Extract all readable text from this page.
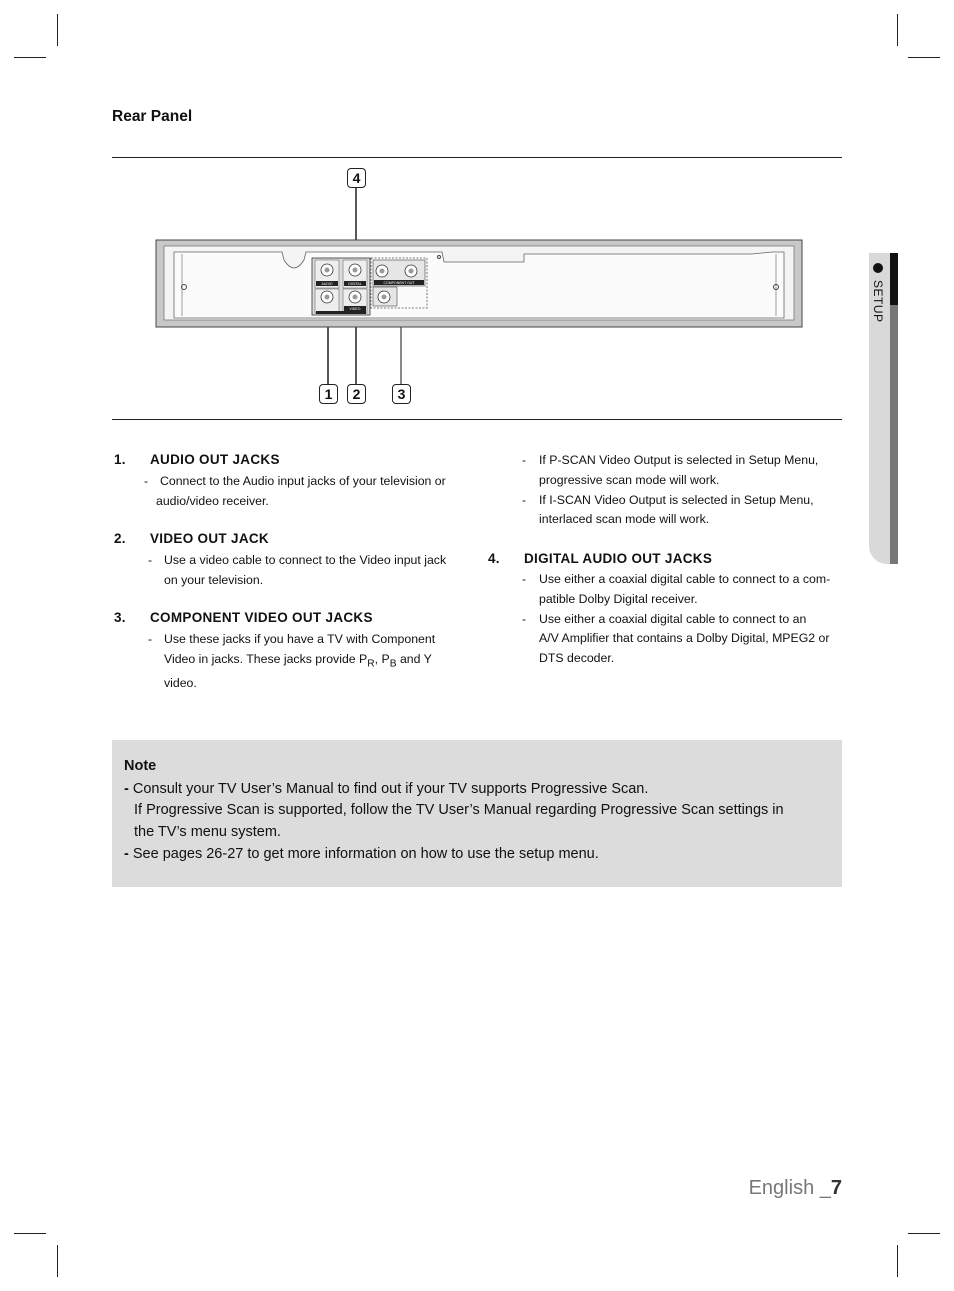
Rear Panel
AUDIO	DIGITAL
VIDEO
COMPONENT OUT
4
1	2	3
1. AUDIO OUT JACKS
- Connect to the Audio input jacks of your television or
audio/video receiver.
2. VIDEO OUT JACK
- Use a video cable to connect to the Video input jack
on your television.
3. COMPONENT VIDEO OUT JACKS
- Use these jacks if you have a TV with Component
Video in jacks. These jacks provide $P_R$, $P_B$ and Y
video.
-	If P-SCAN Video Output is selected in Setup Menu,
progressive scan mode will work.
-	If I-SCAN Video Output is selected in Setup Menu,
interlaced scan mode will work.
4. DIGITAL AUDIO OUT JACKS
-	Use either a coaxial digital cable to connect to a com-
patible Dolby Digital receiver.
-	Use either a coaxial digital cable to connect to an
A/V Amplifier that contains a Dolby Digital, MPEG2 or
DTS decoder.
Note
- Consult your TV User’s Manual to find out if your TV supports Progressive Scan.
If Progressive Scan is supported, follow the TV User’s Manual regarding Progressive Scan settings in
the TV’s menu system.
- See pages 26-27 to get more information on how to use the setup menu.
SETUP
English _7
